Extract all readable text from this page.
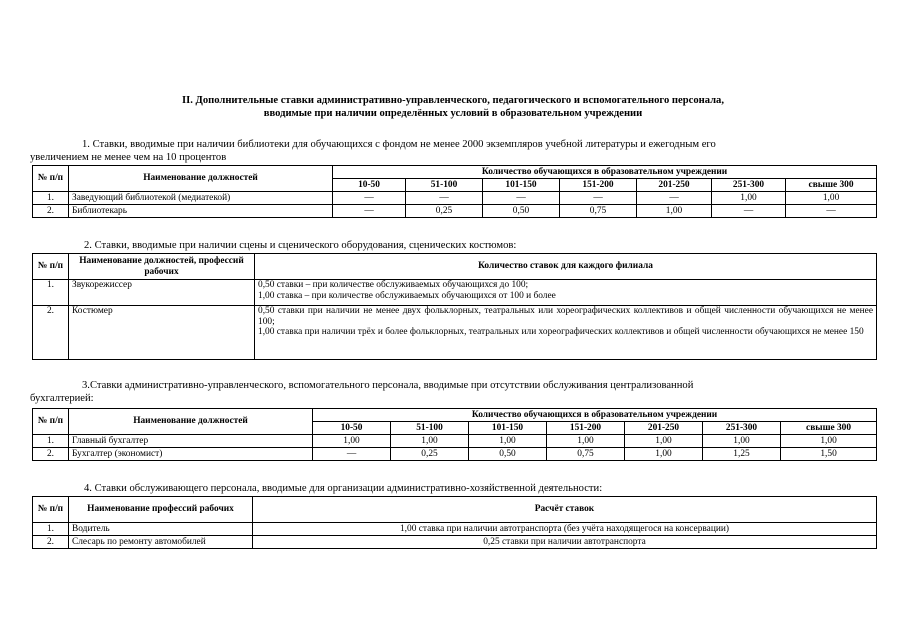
II. Дополнительные ставки административно-управленческого, педагогического и вспомогательного персонала,
вводимые при наличии определённых условий в образовательном учреждении
1. Ставки, вводимые при наличии библиотеки для обучающихся с фондом не менее 2000 экземпляров учебной литературы и ежегодным его
увеличением не менее чем на 10 процентов
№ п/п	Наименование должностей	Количество обучающихся в образовательном учреждении						
		10-50	51-100	101-150	151-200	201-250	251-300	свыше 300
1.	Заведующий библиотекой (медиатекой)	—	—	—	—	—	1,00	1,00
2.	Библиотекарь	—	0,25	0,50	0,75	1,00	—	—
2. Ставки, вводимые при наличии сцены и сценического оборудования, сценических костюмов:
№ п/п	Наименование должностей, профессий рабочих	Количество ставок для каждого филиала
1.	Звукорежиссер	0,50 ставки – при количестве обслуживаемых обучающихся до 100;
1,00 ставка – при количестве обслуживаемых обучающихся от 100 и более

2.	Костюмер	0,50 ставки при наличии не менее двух фольклорных, театральных или хореографических коллективов и общей численности обучающихся не менее 100;
1,00 ставка при наличии трёх и более фольклорных, театральных или хореографических коллективов и общей численности обучающихся не менее 150
3.Ставки административно-управленческого, вспомогательного персонала, вводимые при отсутствии обслуживания централизованной
бухгалтерией:
№ п/п	Наименование должностей	Количество обучающихся в образовательном учреждении						
		10-50	51-100	101-150	151-200	201-250	251-300	свыше 300
1.	Главный бухгалтер	1,00	1,00	1,00	1,00	1,00	1,00	1,00
2.	Бухгалтер (экономист)	—	0,25	0,50	0,75	1,00	1,25	1,50
4. Ставки обслуживающего персонала, вводимые для организации административно-хозяйственной деятельности:
№ п/п	Наименование профессий рабочих	Расчёт ставок
1.	Водитель	1,00 ставка при наличии автотранспорта (без учёта находящегося на консервации)
2.	Слесарь по ремонту автомобилей	0,25 ставки при наличии автотранспорта
